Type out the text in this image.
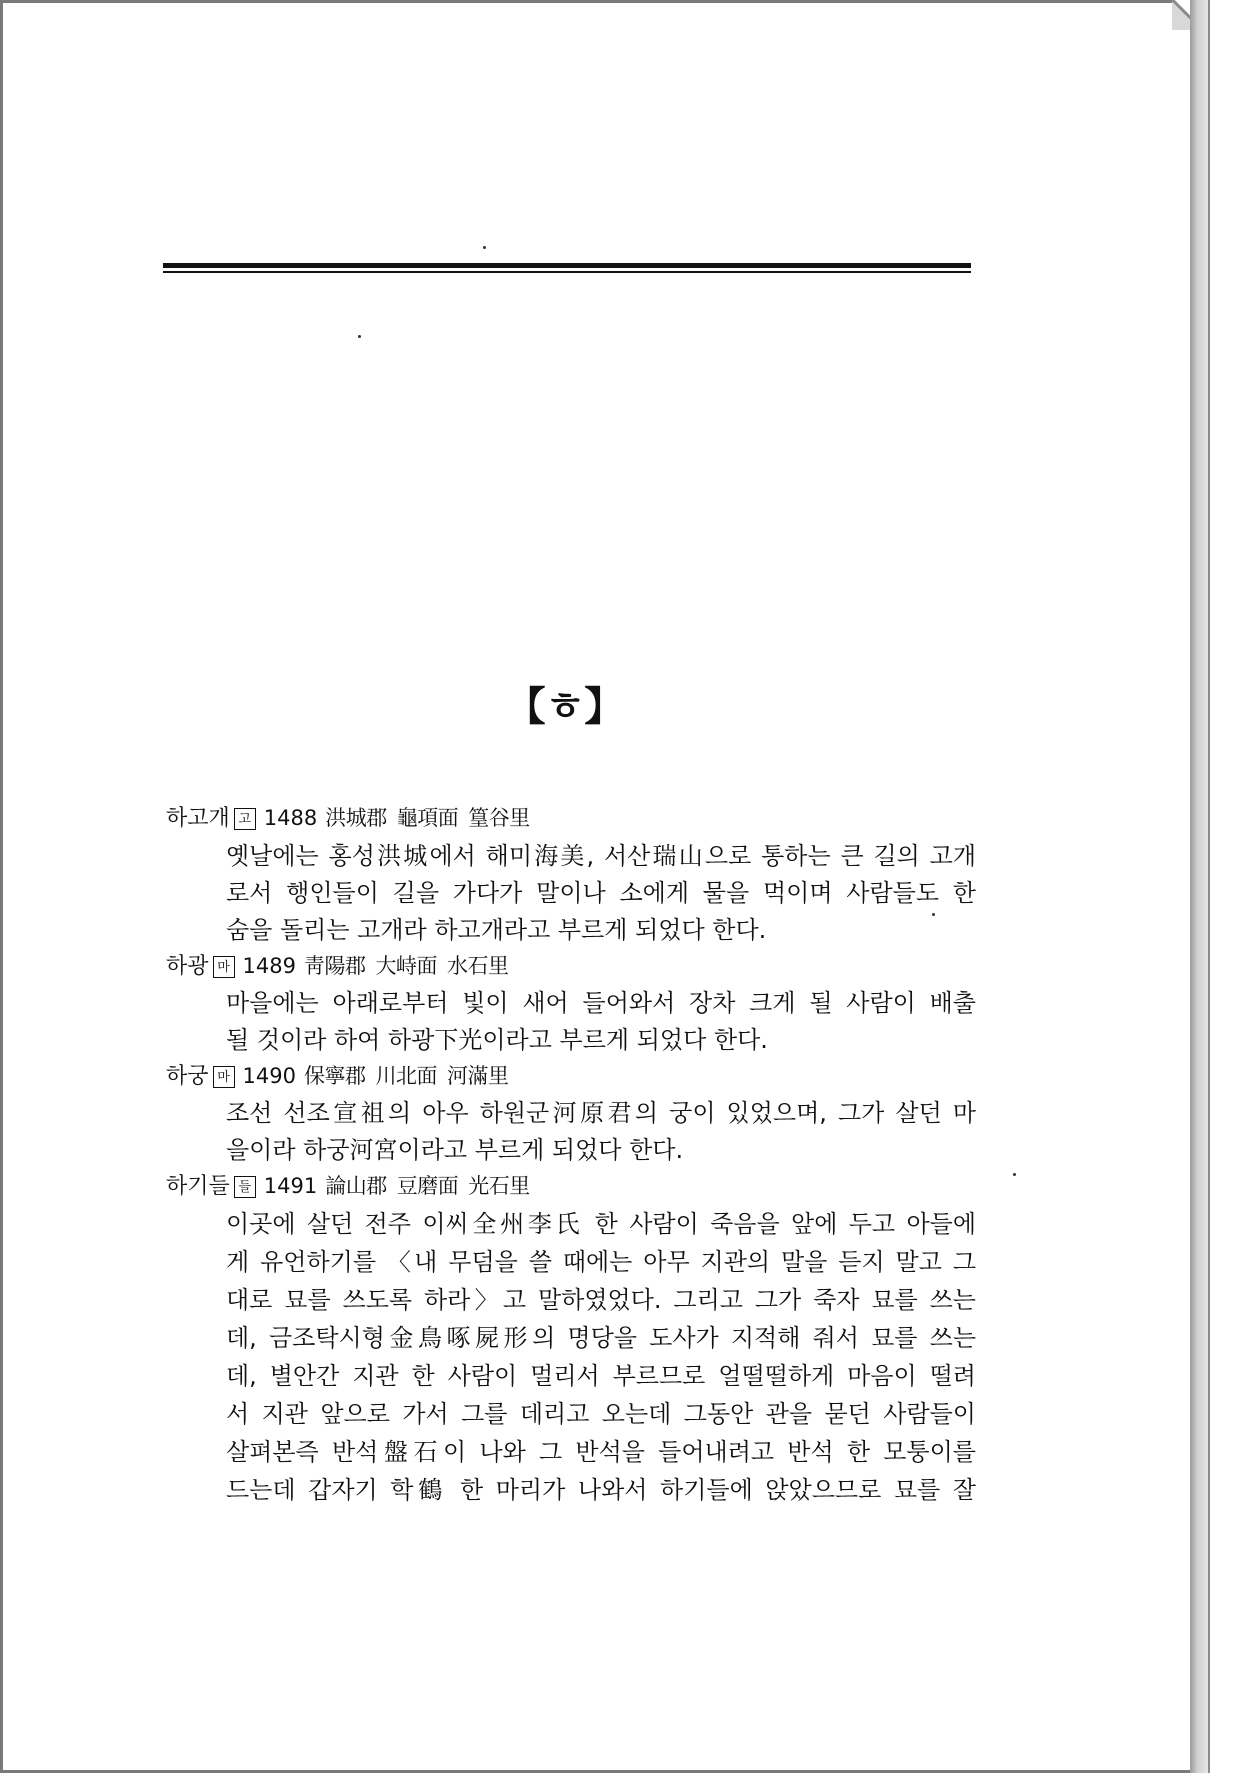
【ㅎ】
하고개 고 1488 洪城郡 龜項面 篁谷里
옛날에는 홍성洪城에서 해미海美, 서산瑞山으로 통하는 큰 길의 고개
로서 행인들이 길을 가다가 말이나 소에게 물을 먹이며 사람들도 한
숨을 돌리는 고개라 하고개라고 부르게 되었다 한다.
하광 마 1489 靑陽郡 大峙面 水石里
마을에는 아래로부터 빛이 새어 들어와서 장차 크게 될 사람이 배출
될 것이라 하여 하광下光이라고 부르게 되었다 한다.
하궁 마 1490 保寧郡 川北面 河滿里
조선 선조宣祖의 아우 하원군河原君의 궁이 있었으며, 그가 살던 마
을이라 하궁河宮이라고 부르게 되었다 한다.
하기들 들 1491 論山郡 豆磨面 光石里
이곳에 살던 전주 이씨全州李氏 한 사람이 죽음을 앞에 두고 아들에
게 유언하기를 〈내 무덤을 쓸 때에는 아무 지관의 말을 듣지 말고 그
대로 묘를 쓰도록 하라〉고 말하였었다. 그리고 그가 죽자 묘를 쓰는
데, 금조탁시형金鳥啄屍形의 명당을 도사가 지적해 줘서 묘를 쓰는
데, 별안간 지관 한 사람이 멀리서 부르므로 얼떨떨하게 마음이 떨려
서 지관 앞으로 가서 그를 데리고 오는데 그동안 관을 묻던 사람들이
살펴본즉 반석盤石이 나와 그 반석을 들어내려고 반석 한 모퉁이를
드는데 갑자기 학鶴 한 마리가 나와서 하기들에 앉았으므로 묘를 잘
